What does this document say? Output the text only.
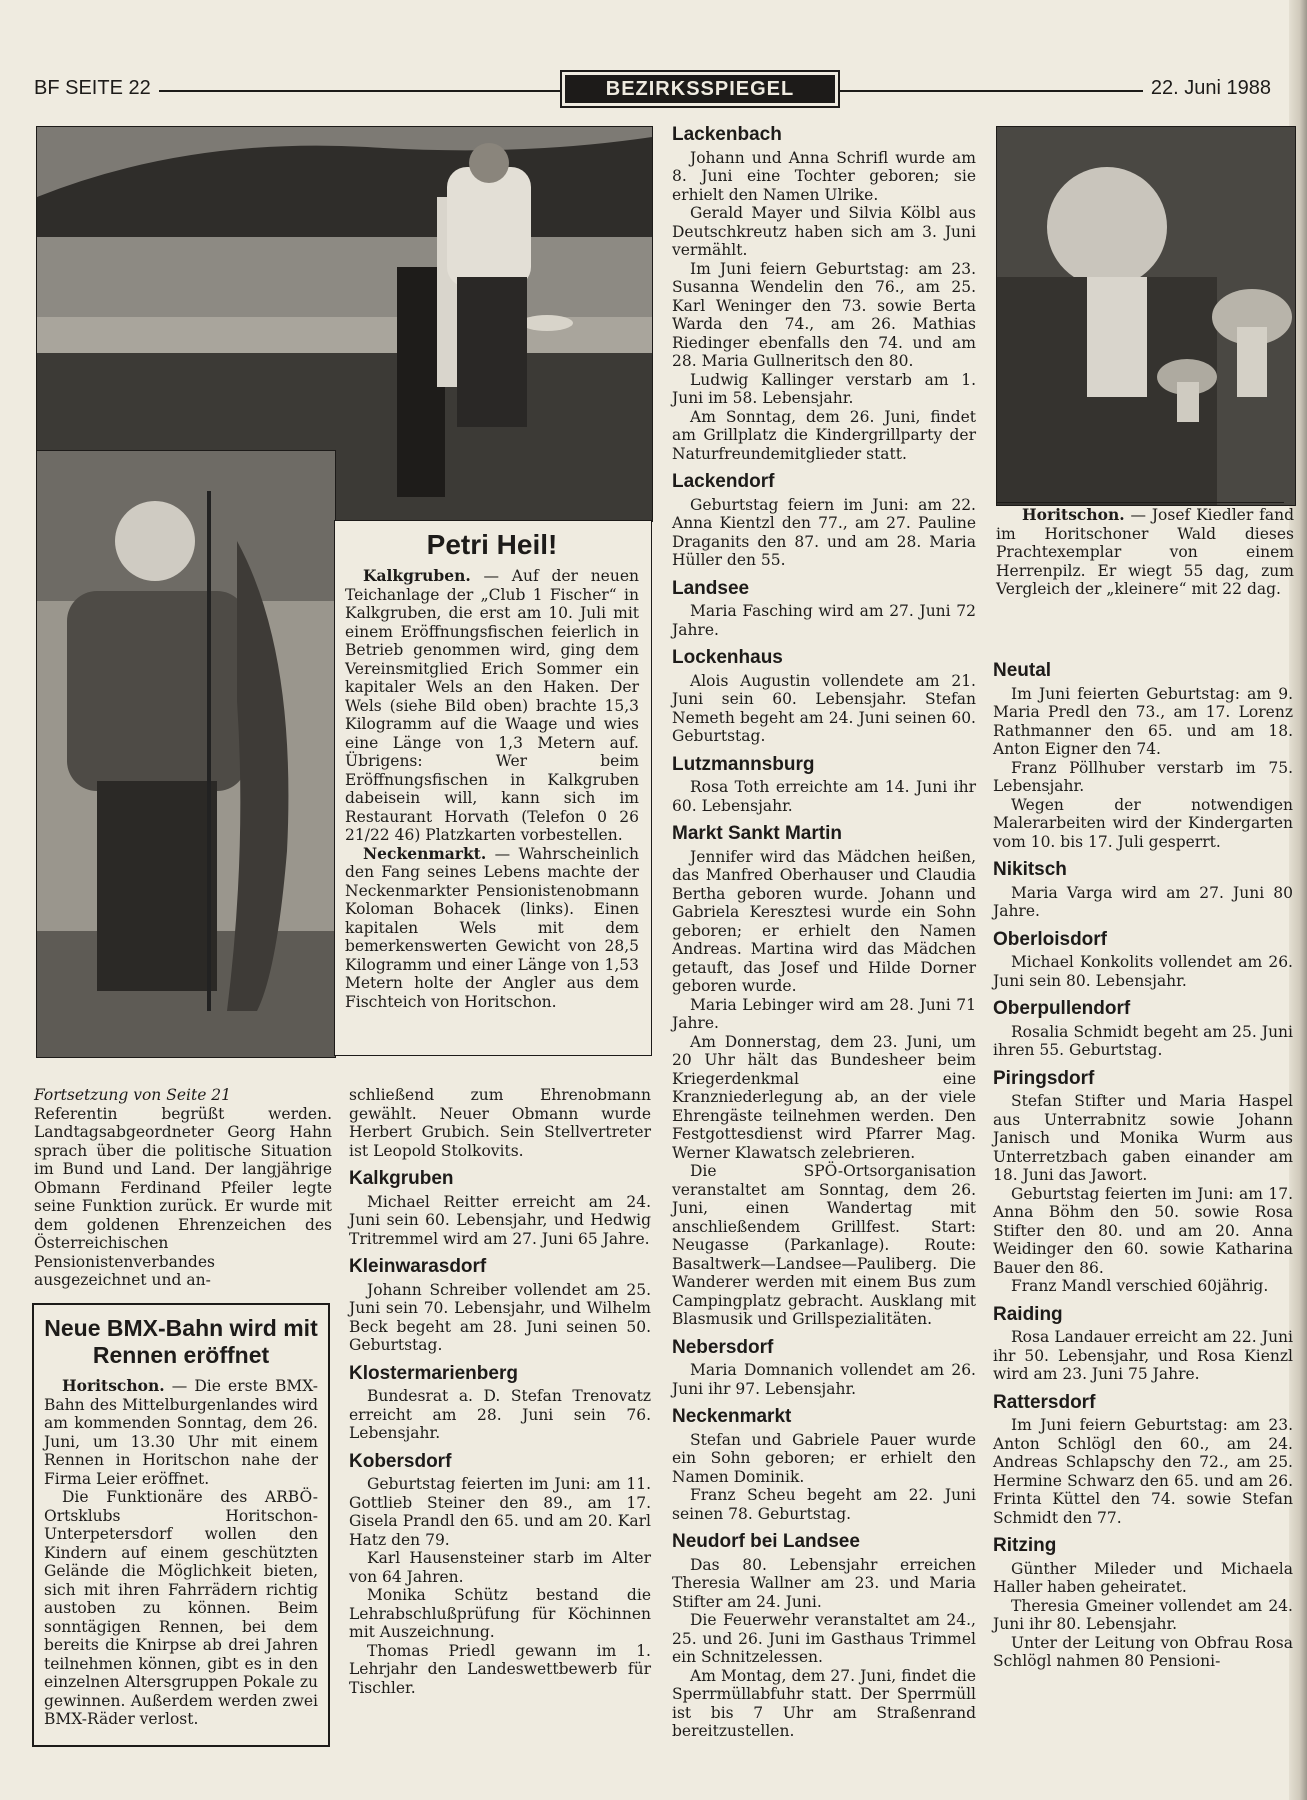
BF SEITE 22	BEZIRKSSPIEGEL	22. Juni 1988
Petri Heil!

Kalkgruben. — Auf der neuen Teichanlage der „Club 1 Fischer“ in Kalkgruben, die erst am 10. Juli mit einem Eröffnungsfischen feierlich in Betrieb genommen wird, ging dem Vereinsmitglied Erich Sommer ein kapitaler Wels an den Haken. Der Wels (siehe Bild oben) brachte 15,3 Kilogramm auf die Waage und wies eine Länge von 1,3 Metern auf. Übrigens: Wer beim Eröffnungsfischen in Kalkgruben dabeisein will, kann sich im Restaurant Horvath (Telefon 0 26 21/22 46) Platzkarten vorbestellen.

Neckenmarkt. — Wahrscheinlich den Fang seines Lebens machte der Neckenmarkter Pensionistenobmann Koloman Bohacek (links). Einen kapitalen Wels mit dem bemerkenswerten Gewicht von 28,5 Kilogramm und einer Länge von 1,53 Metern holte der Angler aus dem Fischteich von Horitschon.

Fortsetzung von Seite 21

Referentin begrüßt werden. Landtagsabgeordneter Georg Hahn sprach über die politische Situation im Bund und Land. Der langjährige Obmann Ferdinand Pfeiler legte seine Funktion zurück. Er wurde mit dem goldenen Ehrenzeichen des Österreichischen Pensionistenverbandes ausgezeichnet und an-

Neue BMX-Bahn wird mit Rennen eröffnet

Horitschon. — Die erste BMX-Bahn des Mittelburgenlandes wird am kommenden Sonntag, dem 26. Juni, um 13.30 Uhr mit einem Rennen in Horitschon nahe der Firma Leier eröffnet.

Die Funktionäre des ARBÖ-Ortsklubs Horitschon-Unterpetersdorf wollen den Kindern auf einem geschützten Gelände die Möglichkeit bieten, sich mit ihren Fahrrädern richtig austoben zu können. Beim sonntägigen Rennen, bei dem bereits die Knirpse ab drei Jahren teilnehmen können, gibt es in den einzelnen Altersgruppen Pokale zu gewinnen. Außerdem werden zwei BMX-Räder verlost.

schließend zum Ehrenobmann gewählt. Neuer Obmann wurde Herbert Grubich. Sein Stellvertreter ist Leopold Stolkovits.

Kalkgruben

Michael Reitter erreicht am 24. Juni sein 60. Lebensjahr, und Hedwig Tritremmel wird am 27. Juni 65 Jahre.

Kleinwarasdorf

Johann Schreiber vollendet am 25. Juni sein 70. Lebensjahr, und Wilhelm Beck begeht am 28. Juni seinen 50. Geburtstag.

Klostermarienberg

Bundesrat a. D. Stefan Trenovatz erreicht am 28. Juni sein 76. Lebensjahr.

Kobersdorf

Geburtstag feierten im Juni: am 11. Gottlieb Steiner den 89., am 17. Gisela Prandl den 65. und am 20. Karl Hatz den 79.

Karl Hausensteiner starb im Alter von 64 Jahren.

Monika Schütz bestand die Lehrabschlußprüfung für Köchinnen mit Auszeichnung.

Thomas Priedl gewann im 1. Lehrjahr den Landeswettbewerb für Tischler.

Lackenbach

Johann und Anna Schrifl wurde am 8. Juni eine Tochter geboren; sie erhielt den Namen Ulrike.

Gerald Mayer und Silvia Kölbl aus Deutschkreutz haben sich am 3. Juni vermählt.

Im Juni feiern Geburtstag: am 23. Susanna Wendelin den 76., am 25. Karl Weninger den 73. sowie Berta Warda den 74., am 26. Mathias Riedinger ebenfalls den 74. und am 28. Maria Gullneritsch den 80.

Ludwig Kallinger verstarb am 1. Juni im 58. Lebensjahr.

Am Sonntag, dem 26. Juni, findet am Grillplatz die Kindergrillparty der Naturfreundemitglieder statt.

Lackendorf

Geburtstag feiern im Juni: am 22. Anna Kientzl den 77., am 27. Pauline Draganits den 87. und am 28. Maria Hüller den 55.

Landsee

Maria Fasching wird am 27. Juni 72 Jahre.

Lockenhaus

Alois Augustin vollendete am 21. Juni sein 60. Lebensjahr. Stefan Nemeth begeht am 24. Juni seinen 60. Geburtstag.

Lutzmannsburg

Rosa Toth erreichte am 14. Juni ihr 60. Lebensjahr.

Markt Sankt Martin

Jennifer wird das Mädchen heißen, das Manfred Oberhauser und Claudia Bertha geboren wurde. Johann und Gabriela Keresztesi wurde ein Sohn geboren; er erhielt den Namen Andreas. Martina wird das Mädchen getauft, das Josef und Hilde Dorner geboren wurde.

Maria Lebinger wird am 28. Juni 71 Jahre.

Am Donnerstag, dem 23. Juni, um 20 Uhr hält das Bundesheer beim Kriegerdenkmal eine Kranzniederlegung ab, an der viele Ehrengäste teilnehmen werden. Den Festgottesdienst wird Pfarrer Mag. Werner Klawatsch zelebrieren.

Die SPÖ-Ortsorganisation veranstaltet am Sonntag, dem 26. Juni, einen Wandertag mit anschließendem Grillfest. Start: Neugasse (Parkanlage). Route: Basaltwerk—Landsee—Pauliberg. Die Wanderer werden mit einem Bus zum Campingplatz gebracht. Ausklang mit Blasmusik und Grillspezialitäten.

Nebersdorf

Maria Domnanich vollendet am 26. Juni ihr 97. Lebensjahr.

Neckenmarkt

Stefan und Gabriele Pauer wurde ein Sohn geboren; er erhielt den Namen Dominik.

Franz Scheu begeht am 22. Juni seinen 78. Geburtstag.

Neudorf bei Landsee

Das 80. Lebensjahr erreichen Theresia Wallner am 23. und Maria Stifter am 24. Juni.

Die Feuerwehr veranstaltet am 24., 25. und 26. Juni im Gasthaus Trimmel ein Schnitzelessen.

Am Montag, dem 27. Juni, findet die Sperrmüllabfuhr statt. Der Sperrmüll ist bis 7 Uhr am Straßenrand bereitzustellen.

Horitschon. — Josef Kiedler fand im Horitschoner Wald dieses Prachtexemplar von einem Herrenpilz. Er wiegt 55 dag, zum Vergleich der „kleinere“ mit 22 dag.

Neutal

Im Juni feierten Geburtstag: am 9. Maria Predl den 73., am 17. Lorenz Rathmanner den 65. und am 18. Anton Eigner den 74.

Franz Pöllhuber verstarb im 75. Lebensjahr.

Wegen der notwendigen Malerarbeiten wird der Kindergarten vom 10. bis 17. Juli gesperrt.

Nikitsch

Maria Varga wird am 27. Juni 80 Jahre.

Oberloisdorf

Michael Konkolits vollendet am 26. Juni sein 80. Lebensjahr.

Oberpullendorf

Rosalia Schmidt begeht am 25. Juni ihren 55. Geburtstag.

Piringsdorf

Stefan Stifter und Maria Haspel aus Unterrabnitz sowie Johann Janisch und Monika Wurm aus Unterretzbach gaben einander am 18. Juni das Jawort.

Geburtstag feierten im Juni: am 17. Anna Böhm den 50. sowie Rosa Stifter den 80. und am 20. Anna Weidinger den 60. sowie Katharina Bauer den 86.

Franz Mandl verschied 60jährig.

Raiding

Rosa Landauer erreicht am 22. Juni ihr 50. Lebensjahr, und Rosa Kienzl wird am 23. Juni 75 Jahre.

Rattersdorf

Im Juni feiern Geburtstag: am 23. Anton Schlögl den 60., am 24. Andreas Schlapschy den 72., am 25. Hermine Schwarz den 65. und am 26. Frinta Küttel den 74. sowie Stefan Schmidt den 77.

Ritzing

Günther Mileder und Michaela Haller haben geheiratet.

Theresia Gmeiner vollendet am 24. Juni ihr 80. Lebensjahr.

Unter der Leitung von Obfrau Rosa Schlögl nahmen 80 Pensioni-
